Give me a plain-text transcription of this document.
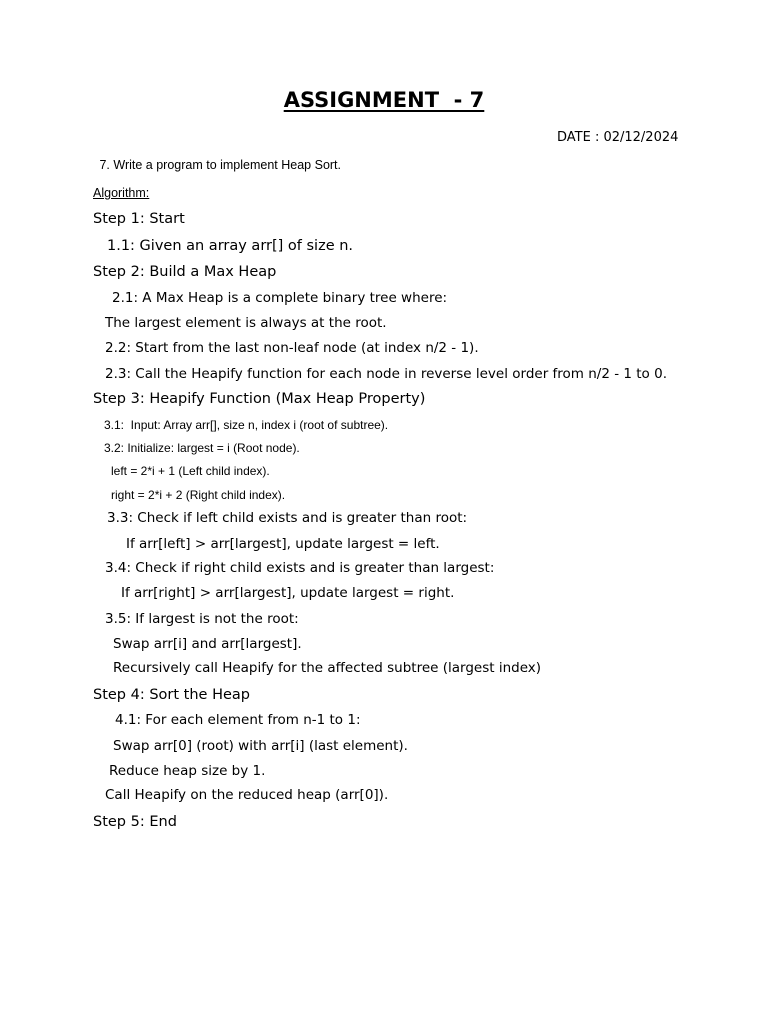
ASSIGNMENT  - 7
DATE : 02/12/2024
7. Write a program to implement Heap Sort.
Algorithm:
Step 1: Start
1.1: Given an array arr[] of size n.
Step 2: Build a Max Heap
2.1: A Max Heap is a complete binary tree where:
The largest element is always at the root.
2.2: Start from the last non-leaf node (at index n/2 - 1).
2.3: Call the Heapify function for each node in reverse level order from n/2 - 1 to 0.
Step 3: Heapify Function (Max Heap Property)
3.1:  Input: Array arr[], size n, index i (root of subtree).
3.2: Initialize: largest = i (Root node).
left = 2*i + 1 (Left child index).
right = 2*i + 2 (Right child index).
3.3: Check if left child exists and is greater than root:
If arr[left] > arr[largest], update largest = left.
3.4: Check if right child exists and is greater than largest:
If arr[right] > arr[largest], update largest = right.
3.5: If largest is not the root:
Swap arr[i] and arr[largest].
Recursively call Heapify for the affected subtree (largest index)
Step 4: Sort the Heap
4.1: For each element from n-1 to 1:
Swap arr[0] (root) with arr[i] (last element).
Reduce heap size by 1.
Call Heapify on the reduced heap (arr[0]).
Step 5: End
